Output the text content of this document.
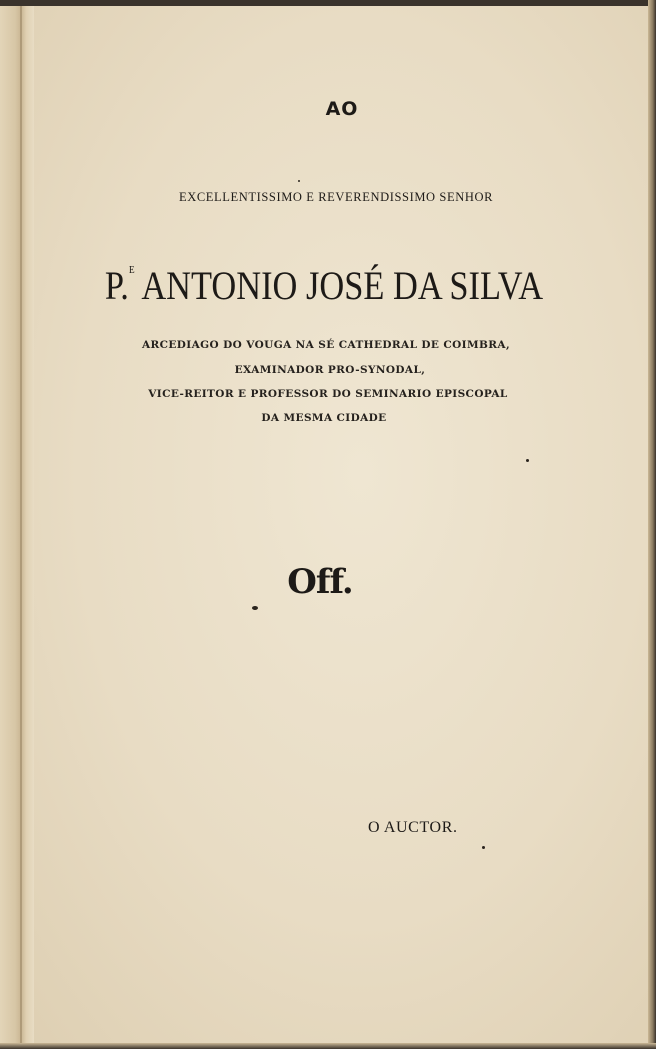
AO
EXCELLENTISSIMO E REVERENDISSIMO SENHOR
P.$^E$ ANTONIO JOSÉ DA SILVA
ARCEDIAGO DO VOUGA NA SÉ CATHEDRAL DE COIMBRA,
EXAMINADOR PRO-SYNODAL,
VICE-REITOR E PROFESSOR DO SEMINARIO EPISCOPAL
DA MESMA CIDADE
Off.
O AUCTOR.
